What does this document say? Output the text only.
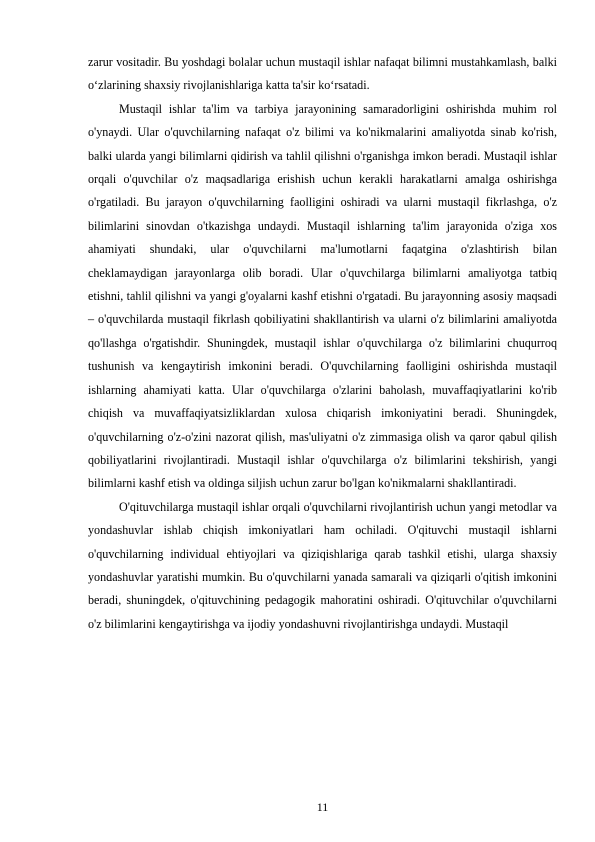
zarur vositadir. Bu yoshdagi bolalar uchun mustaqil ishlar nafaqat bilimni mustahkamlash, balki o‘zlarining shaxsiy rivojlanishlariga katta ta'sir ko‘rsatadi.

Mustaqil ishlar ta'lim va tarbiya jarayonining samaradorligini oshirishda muhim rol o'ynaydi. Ular o'quvchilarning nafaqat o'z bilimi va ko'nikmalarini amaliyotda sinab ko'rish, balki ularda yangi bilimlarni qidirish va tahlil qilishni o'rganishga imkon beradi. Mustaqil ishlar orqali o'quvchilar o'z maqsadlariga erishish uchun kerakli harakatlarni amalga oshirishga o'rgatiladi. Bu jarayon o'quvchilarning faolligini oshiradi va ularni mustaqil fikrlashga, o'z bilimlarini sinovdan o'tkazishga undaydi. Mustaqil ishlarning ta'lim jarayonida o'ziga xos ahamiyati shundaki, ular o'quvchilarni ma'lumotlarni faqatgina o'zlashtirish bilan cheklamaydigan jarayonlarga olib boradi. Ular o'quvchilarga bilimlarni amaliyotga tatbiq etishni, tahlil qilishni va yangi g'oyalarni kashf etishni o'rgatadi. Bu jarayonning asosiy maqsadi – o'quvchilarda mustaqil fikrlash qobiliyatini shakllantirish va ularni o'z bilimlarini amaliyotda qo'llashga o'rgatishdir. Shuningdek, mustaqil ishlar o'quvchilarga o'z bilimlarini chuqurroq tushunish va kengaytirish imkonini beradi. O'quvchilarning faolligini oshirishda mustaqil ishlarning ahamiyati katta. Ular o'quvchilarga o'zlarini baholash, muvaffaqiyatlarini ko'rib chiqish va muvaffaqiyatsizliklardan xulosa chiqarish imkoniyatini beradi. Shuningdek, o'quvchilarning o'z-o'zini nazorat qilish, mas'uliyatni o'z zimmasiga olish va qaror qabul qilish qobiliyatlarini rivojlantiradi. Mustaqil ishlar o'quvchilarga o'z bilimlarini tekshirish, yangi bilimlarni kashf etish va oldinga siljish uchun zarur bo'lgan ko'nikmalarni shakllantiradi.

O'qituvchilarga mustaqil ishlar orqali o'quvchilarni rivojlantirish uchun yangi metodlar va yondashuvlar ishlab chiqish imkoniyatlari ham ochiladi. O'qituvchi mustaqil ishlarni o'quvchilarning individual ehtiyojlari va qiziqishlariga qarab tashkil etishi, ularga shaxsiy yondashuvlar yaratishi mumkin. Bu o'quvchilarni yanada samarali va qiziqarli o'qitish imkonini beradi, shuningdek, o'qituvchining pedagogik mahoratini oshiradi. O'qituvchilar o'quvchilarni o'z bilimlarini kengaytirishga va ijodiy yondashuvni rivojlantirishga undaydi. Mustaqil

11
